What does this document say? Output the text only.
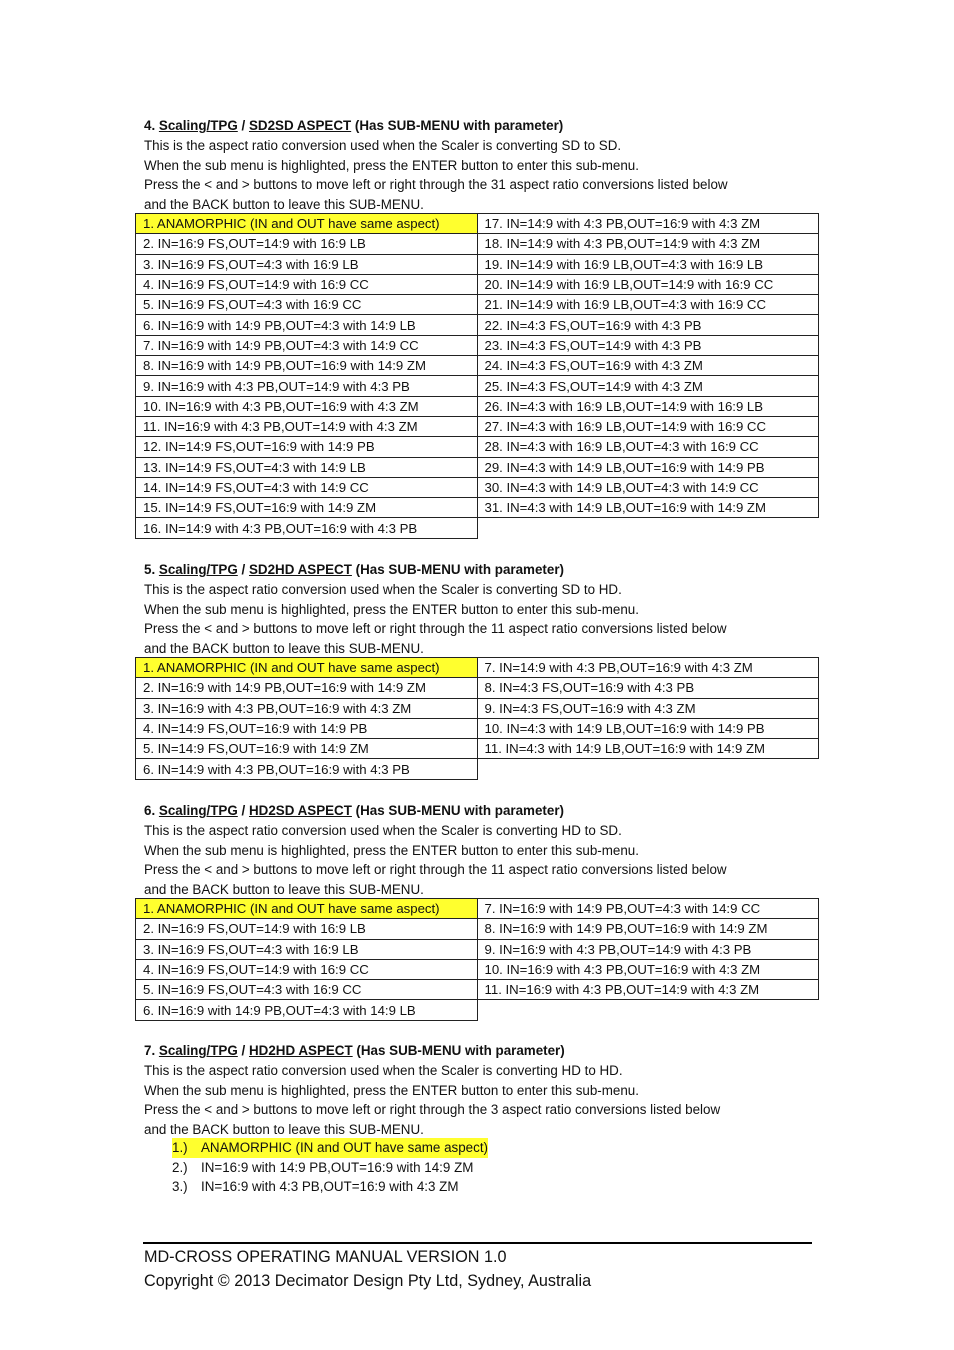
4. Scaling/TPG / SD2SD ASPECT (Has SUB-MENU with parameter)
This is the aspect ratio conversion used when the Scaler is converting SD to SD.
When the sub menu is highlighted, press the ENTER button to enter this sub-menu.
Press the < and > buttons to move left or right through the 31 aspect ratio conversions listed below
and the BACK button to leave this SUB-MENU.
1. ANAMORPHIC (IN and OUT have same aspect)	17. IN=14:9 with 4:3 PB,OUT=16:9 with 4:3 ZM
2. IN=16:9 FS,OUT=14:9 with 16:9 LB	18. IN=14:9 with 4:3 PB,OUT=14:9 with 4:3 ZM
3. IN=16:9 FS,OUT=4:3 with 16:9 LB	19. IN=14:9 with 16:9 LB,OUT=4:3 with 16:9 LB
4. IN=16:9 FS,OUT=14:9 with 16:9 CC	20. IN=14:9 with 16:9 LB,OUT=14:9 with 16:9 CC
5. IN=16:9 FS,OUT=4:3 with 16:9 CC	21. IN=14:9 with 16:9 LB,OUT=4:3 with 16:9 CC
6. IN=16:9 with 14:9 PB,OUT=4:3 with 14:9 LB	22. IN=4:3 FS,OUT=16:9 with 4:3 PB
7. IN=16:9 with 14:9 PB,OUT=4:3 with 14:9 CC	23. IN=4:3 FS,OUT=14:9 with 4:3 PB
8. IN=16:9 with 14:9 PB,OUT=16:9 with 14:9 ZM	24. IN=4:3 FS,OUT=16:9 with 4:3 ZM
9. IN=16:9 with 4:3 PB,OUT=14:9 with 4:3 PB	25. IN=4:3 FS,OUT=14:9 with 4:3 ZM
10. IN=16:9 with 4:3 PB,OUT=16:9 with 4:3 ZM	26. IN=4:3 with 16:9 LB,OUT=14:9 with 16:9 LB
11. IN=16:9 with 4:3 PB,OUT=14:9 with 4:3 ZM	27. IN=4:3 with 16:9 LB,OUT=14:9 with 16:9 CC
12. IN=14:9 FS,OUT=16:9 with 14:9 PB	28. IN=4:3 with 16:9 LB,OUT=4:3 with 16:9 CC
13. IN=14:9 FS,OUT=4:3 with 14:9 LB	29. IN=4:3 with 14:9 LB,OUT=16:9 with 14:9 PB
14. IN=14:9 FS,OUT=4:3 with 14:9 CC	30. IN=4:3 with 14:9 LB,OUT=4:3 with 14:9 CC
15. IN=14:9 FS,OUT=16:9 with 14:9 ZM	31. IN=4:3 with 14:9 LB,OUT=16:9 with 14:9 ZM
16. IN=14:9 with 4:3 PB,OUT=16:9 with 4:3 PB	
5. Scaling/TPG / SD2HD ASPECT (Has SUB-MENU with parameter)
This is the aspect ratio conversion used when the Scaler is converting SD to HD.
When the sub menu is highlighted, press the ENTER button to enter this sub-menu.
Press the < and > buttons to move left or right through the 11 aspect ratio conversions listed below
and the BACK button to leave this SUB-MENU.
1. ANAMORPHIC (IN and OUT have same aspect)	7. IN=14:9 with 4:3 PB,OUT=16:9 with 4:3 ZM
2. IN=16:9 with 14:9 PB,OUT=16:9 with 14:9 ZM	8. IN=4:3 FS,OUT=16:9 with 4:3 PB
3. IN=16:9 with 4:3 PB,OUT=16:9 with 4:3 ZM	9. IN=4:3 FS,OUT=16:9 with 4:3 ZM
4. IN=14:9 FS,OUT=16:9 with 14:9 PB	10. IN=4:3 with 14:9 LB,OUT=16:9 with 14:9 PB
5. IN=14:9 FS,OUT=16:9 with 14:9 ZM	11. IN=4:3 with 14:9 LB,OUT=16:9 with 14:9 ZM
6. IN=14:9 with 4:3 PB,OUT=16:9 with 4:3 PB	
6. Scaling/TPG / HD2SD ASPECT (Has SUB-MENU with parameter)
This is the aspect ratio conversion used when the Scaler is converting HD to SD.
When the sub menu is highlighted, press the ENTER button to enter this sub-menu.
Press the < and > buttons to move left or right through the 11 aspect ratio conversions listed below
and the BACK button to leave this SUB-MENU.
1. ANAMORPHIC (IN and OUT have same aspect)	7. IN=16:9 with 14:9 PB,OUT=4:3 with 14:9 CC
2. IN=16:9 FS,OUT=14:9 with 16:9 LB	8. IN=16:9 with 14:9 PB,OUT=16:9 with 14:9 ZM
3. IN=16:9 FS,OUT=4:3 with 16:9 LB	9. IN=16:9 with 4:3 PB,OUT=14:9 with 4:3 PB
4. IN=16:9 FS,OUT=14:9 with 16:9 CC	10. IN=16:9 with 4:3 PB,OUT=16:9 with 4:3 ZM
5. IN=16:9 FS,OUT=4:3 with 16:9 CC	11. IN=16:9 with 4:3 PB,OUT=14:9 with 4:3 ZM
6. IN=16:9 with 14:9 PB,OUT=4:3 with 14:9 LB	
7. Scaling/TPG / HD2HD ASPECT (Has SUB-MENU with parameter)
This is the aspect ratio conversion used when the Scaler is converting HD to HD.
When the sub menu is highlighted, press the ENTER button to enter this sub-menu.
Press the < and > buttons to move left or right through the 3 aspect ratio conversions listed below
and the BACK button to leave this SUB-MENU.
1.) ANAMORPHIC (IN and OUT have same aspect)
2.) IN=16:9 with 14:9 PB,OUT=16:9 with 14:9 ZM
3.) IN=16:9 with 4:3 PB,OUT=16:9 with 4:3 ZM
MD-CROSS OPERATING MANUAL VERSION 1.0
Copyright © 2013 Decimator Design Pty Ltd, Sydney, Australia
